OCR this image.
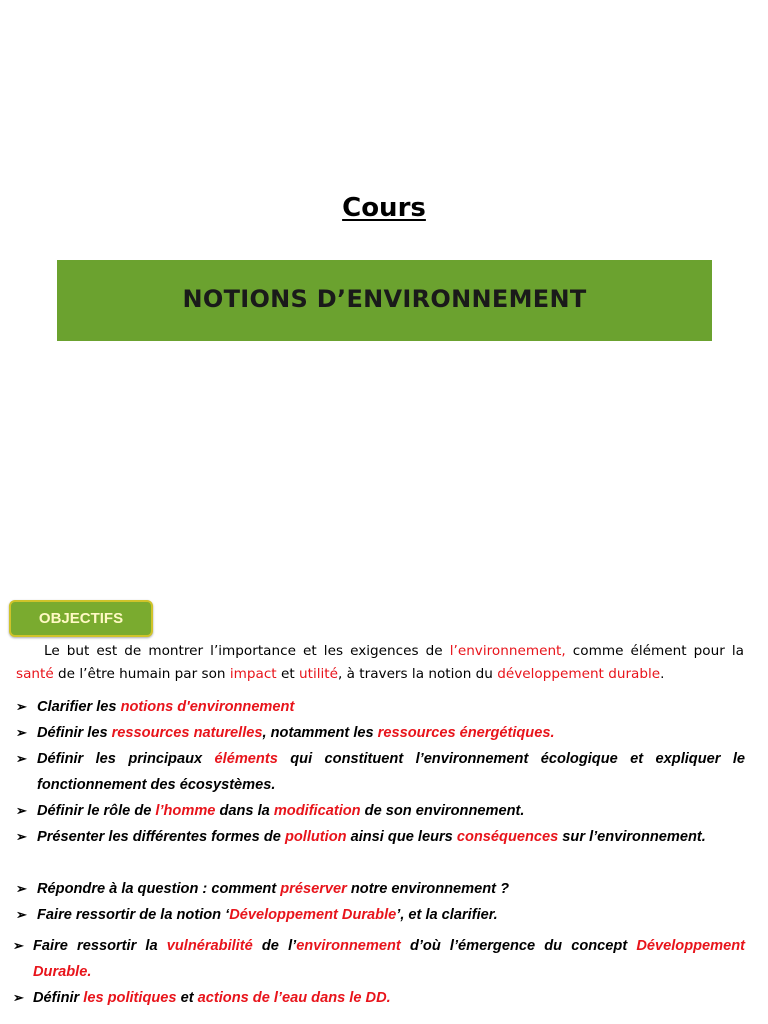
Cours
NOTIONS D’ENVIRONNEMENT
OBJECTIFS
Le but est de montrer l’importance et les exigences de l’environnement, comme élément pour la santé de l’être humain par son impact et utilité, à travers la notion du développement durable.
➢ Clarifier les notions d'environnement
➢ Définir les ressources naturelles, notamment les ressources énergétiques.
➢ Définir les principaux éléments qui constituent l’environnement écologique et expliquer le fonctionnement des écosystèmes.
➢ Définir le rôle de l’homme dans la modification de son environnement.
➢ Présenter les différentes formes de pollution ainsi que leurs conséquences sur l’environnement.
➢ Répondre à la question : comment préserver notre environnement ?
➢ Faire ressortir de la notion ‘Développement Durable’, et la clarifier.
➢ Faire ressortir la vulnérabilité de l’environnement d’où l’émergence du concept Développement Durable.
➢ Définir les politiques et actions de l’eau dans le DD.
